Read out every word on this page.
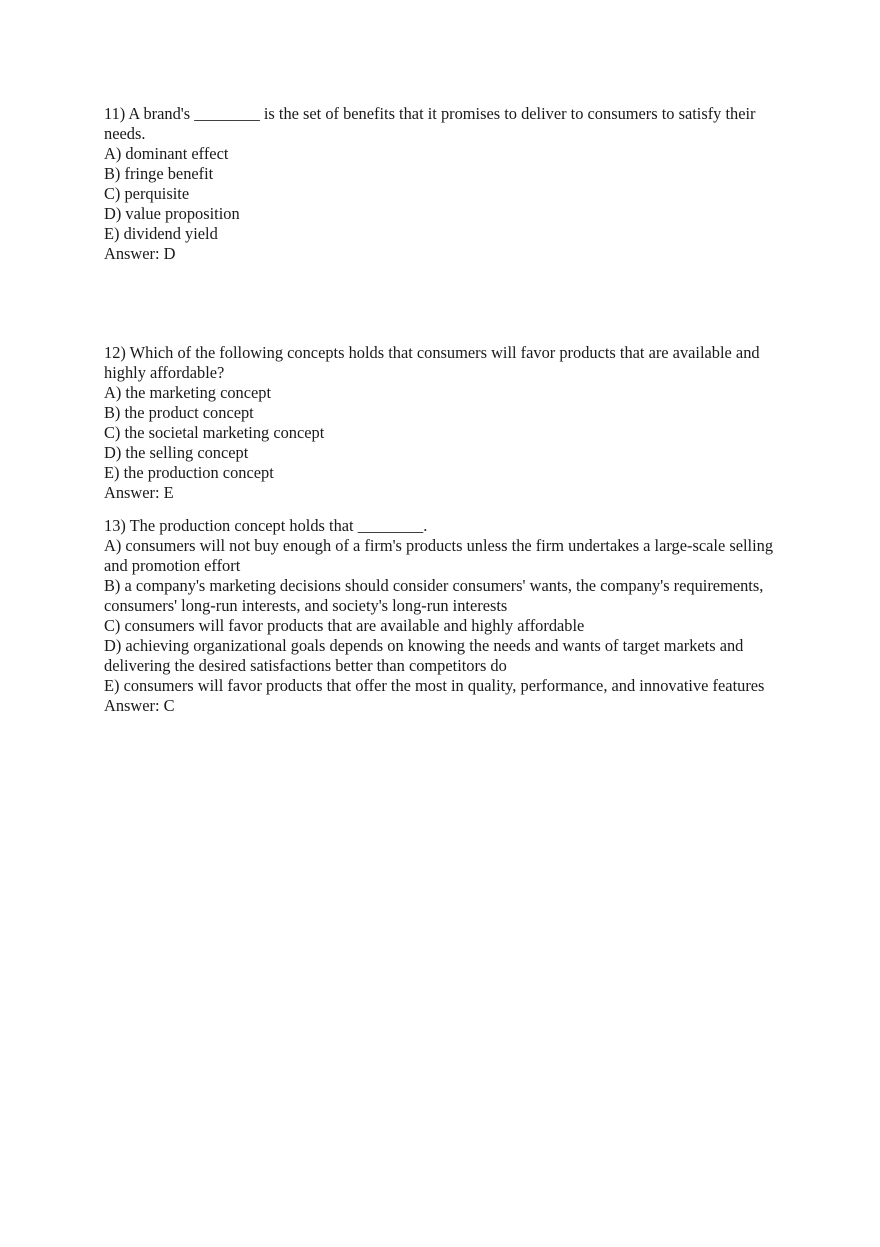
11) A brand's ________ is the set of benefits that it promises to deliver to consumers to satisfy their needs.

A) dominant effect

B) fringe benefit

C) perquisite

D) value proposition

E) dividend yield

Answer: D

12) Which of the following concepts holds that consumers will favor products that are available and highly affordable?

A) the marketing concept

B) the product concept

C) the societal marketing concept

D) the selling concept

E) the production concept

Answer: E

13) The production concept holds that ________.

A) consumers will not buy enough of a firm's products unless the firm undertakes a large-scale selling and promotion effort

B) a company's marketing decisions should consider consumers' wants, the company's requirements, consumers' long-run interests, and society's long-run interests

C) consumers will favor products that are available and highly affordable

D) achieving organizational goals depends on knowing the needs and wants of target markets and delivering the desired satisfactions better than competitors do

E) consumers will favor products that offer the most in quality, performance, and innovative features

Answer: C
